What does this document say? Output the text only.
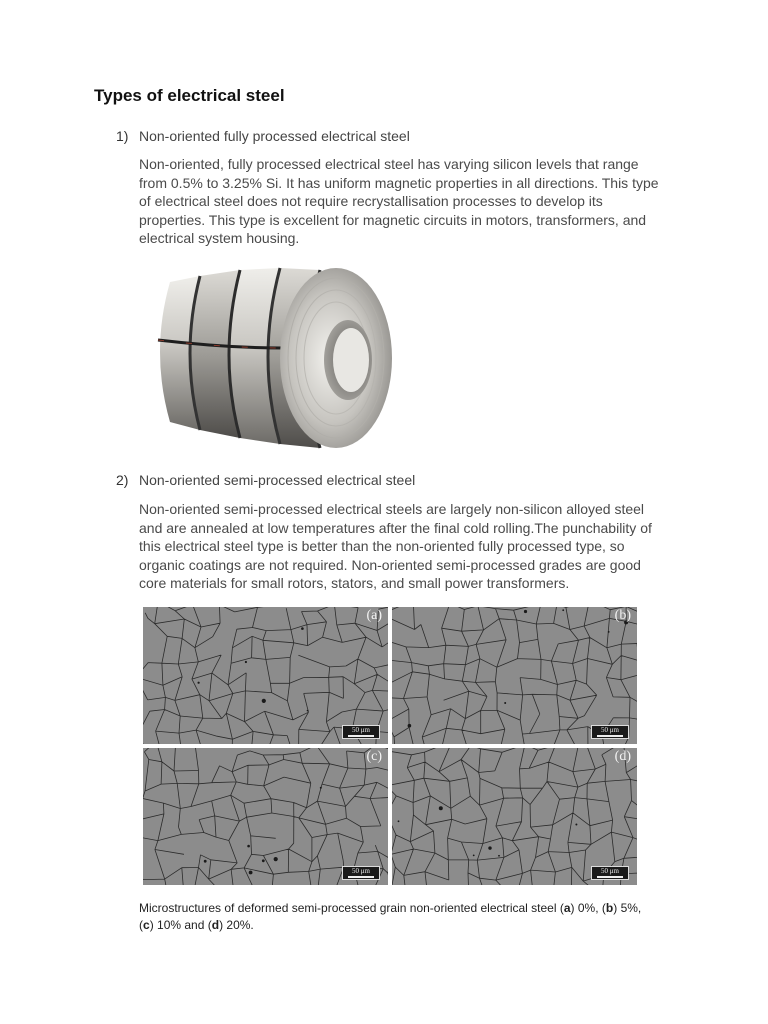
Types of electrical steel
1) Non-oriented fully processed electrical steel
Non-oriented, fully processed electrical steel has varying silicon levels that range from 0.5% to 3.25% Si. It has uniform magnetic properties in all directions. This type of electrical steel does not require recrystallisation processes to develop its properties. This type is excellent for magnetic circuits in motors, transformers, and electrical system housing.
2) Non-oriented semi-processed electrical steel
Non-oriented semi-processed electrical steels are largely non-silicon alloyed steel and are annealed at low temperatures after the final cold rolling.The punchability of this electrical steel type is better than the non-oriented fully processed type, so organic coatings are not required. Non-oriented semi-processed grades are good core materials for small rotors, stators, and small power transformers.
(a)
50 μm
(b)
50 μm
(c)
50 μm
(d)
50 μm
Microstructures of deformed semi-processed grain non-oriented electrical steel (a) 0%, (b) 5%, (c) 10% and (d) 20%.
